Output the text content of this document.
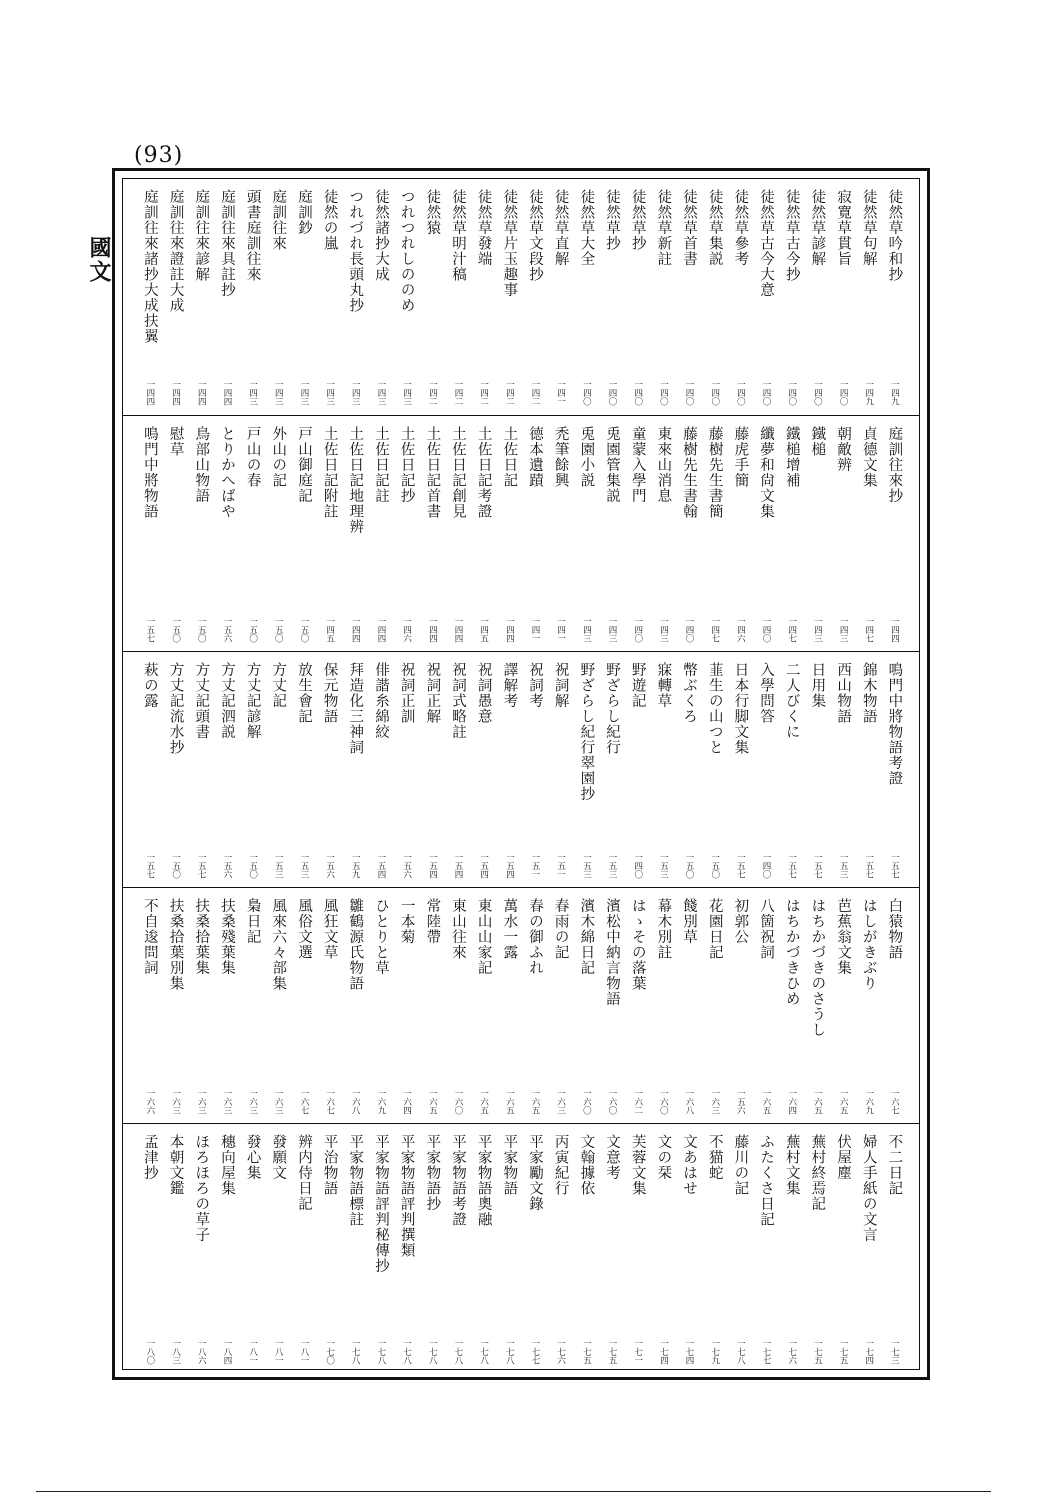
(93)
國文	徒然草吟和抄
一四九
徒然草句解
一四九
寂寛草貫旨
一四〇
徒然草諺解
一四〇
徒然草古今抄
一四〇
徒然草古今大意
一四〇
徒然草參考
一四〇
徒然草集説
一四〇
徒然草首書
一四〇
徒然草新註
一四〇
徒然草抄
一四〇
徒然草抄
一四〇
徒然草大全
一四〇
徒然草直解
一四一
徒然草文段抄
一四二
徒然草片玉趣事
一四二
徒然草發端
一四二
徒然草明汁稿
一四二
徒然猿
一四二
つれつれしののめ
一四三
徒然諸抄大成
一四三
つれづれ長頭丸抄
一四三
徒然の嵐
一四三
庭訓鈔
一四三
庭訓往來
一四三
頭書庭訓往來
一四三
庭訓往來具註抄
一四四
庭訓往來諺解
一四四
庭訓往來證註大成
一四四
庭訓往來諸抄大成扶翼
一四四
庭訓往來抄
一四四
貞德文集
一四七
朝敵辨
一四三
鐵槌
一四三
鐵槌增補
一四七
纖夢和尙文集
一四〇
藤虎手簡
一四六
藤樹先生書簡
一四七
藤樹先生書翰
一四〇
東來山消息
一四三
童蒙入學門
一四〇
兎園管集説
一四三
兎園小説
一四三
禿筆餘興
一四一
德本遺蹟
一四一
土佐日記
一四四
土佐日記考證
一四五
土佐日記創見
一四四
土佐日記首書
一四四
土佐日記抄
一四六
土佐日記註
一四四
土佐日記地理辨
一四四
土佐日記附註
一四五
戸山御庭記
一五〇
外山の記
一五〇
戸山の春
一五〇
とりかへばや
一五六
鳥部山物語
一五〇
慰草
一五〇
鳴門中將物語
一五七
鳴門中將物語考證
一五七
錦木物語
一五七
西山物語
一五三
日用集
一五七
二人びくに
一五七
入學問答
一四〇
日本行脚文集
一五七
韮生の山つと
一五〇
幣ぶくろ
一五〇
寐轉草
一五三
野遊記
一四〇
野ざらし紀行
一五三
野ざらし紀行翠園抄
一五三
祝詞解
一五一
祝詞考
一五一
譯解考
一五四
祝詞愚意
一五四
祝詞式略註
一五四
祝詞正解
一五四
祝詞正訓
一五六
俳諧糸綿絞
一五四
拜造化三神詞
一五九
保元物語
一五六
放生會記
一五三
方丈記
一五三
方丈記諺解
一五〇
方丈記泗説
一五六
方丈記頭書
一五七
方丈記流水抄
一五〇
萩の露
一五七
白猿物語
一六七
はしがきぶり
一六九
芭蕉翁文集
一六五
はちかづきのさうし
一六五
はちかづきひめ
一六四
八箇祝詞
一六五
初郭公
一五六
花園日記
一六三
餞別草
一六八
幕木別註
一六〇
はゝその落葉
一六二
濱松中納言物語
一六〇
濱木綿日記
一六〇
春雨の記
一六三
春の御ふれ
一六五
萬水一露
一六五
東山山家記
一六五
東山往來
一六〇
常陸帶
一六五
一本菊
一六四
ひとりと草
一六九
雛鶴源氏物語
一六八
風狂文草
一六七
風俗文選
一六七
風來六々部集
一六三
梟日記
一六三
扶桑殘葉集
一六三
扶桑拾葉集
一六三
扶桑拾葉別集
一六三
不自逡問詞
一六六
不二日記
一七三
婦人手紙の文言
一七四
伏屋塵
一七五
蕪村終焉記
一七五
蕪村文集
一七六
ふたくさ日記
一七七
藤川の記
一七八
不猫蛇
一七九
文あはせ
一七四
文の栞
一七四
芙蓉文集
一七一
文意考
一七五
文翰據依
一七五
丙寅紀行
一七六
平家勵文錄
一七七
平家物語
一七八
平家物語奧融
一七八
平家物語考證
一七八
平家物語抄
一七八
平家物語評判撰類
一七八
平家物語評判秘傳抄
一七八
平家物語標註
一七八
平治物語
一七〇
辨内侍日記
一八一
發願文
一八一
發心集
一八一
穗向屋集
一八四
ほろほろの草子
一八六
本朝文鑑
一八三
孟津抄
一八〇
